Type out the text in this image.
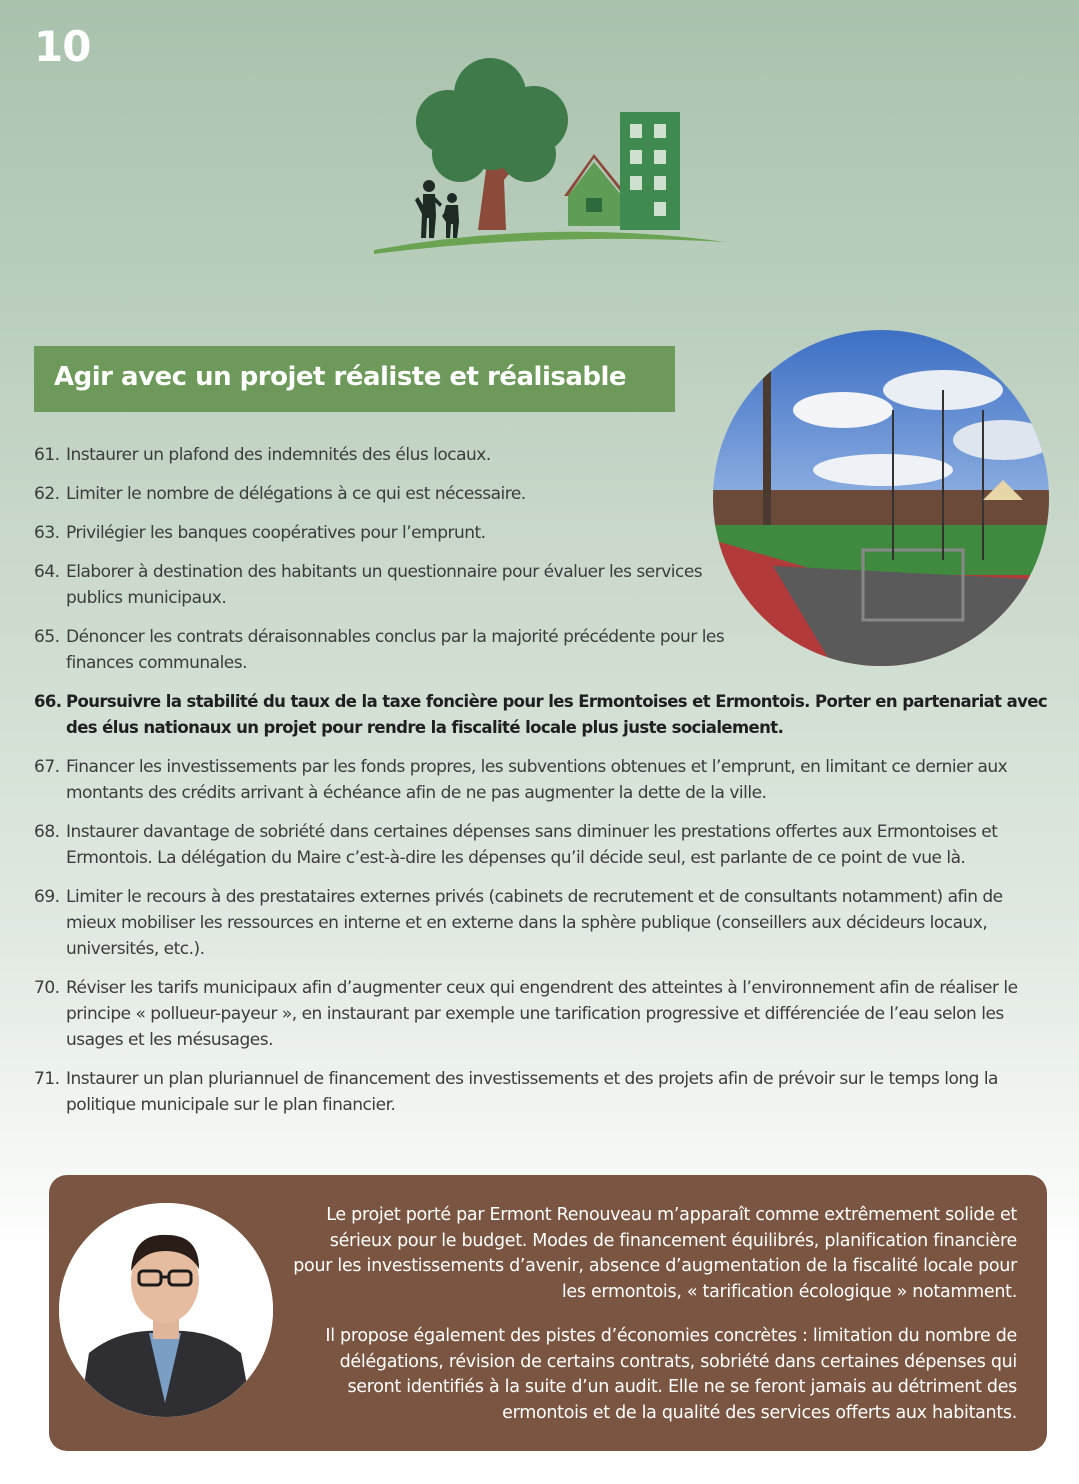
10
Agir avec un projet réaliste et réalisable
61. Instaurer un plafond des indemnités des élus locaux.
62. Limiter le nombre de délégations à ce qui est nécessaire.
63. Privilégier les banques coopératives pour l’emprunt.
64. Elaborer à destination des habitants un questionnaire pour évaluer les services publics municipaux.
65. Dénoncer les contrats déraisonnables conclus par la majorité précédente pour les finances communales.
66. Poursuivre la stabilité du taux de la taxe foncière pour les Ermontoises et Ermontois. Porter en partenariat avec des élus nationaux un projet pour rendre la fiscalité locale plus juste socialement.
67. Financer les investissements par les fonds propres, les subventions obtenues et l’emprunt, en limitant ce dernier aux montants des crédits arrivant à échéance afin de ne pas augmenter la dette de la ville.
68. Instaurer davantage de sobriété dans certaines dépenses sans diminuer les prestations offertes aux Ermontoises et Ermontois. La délégation du Maire c’est-à-dire les dépenses qu’il décide seul, est parlante de ce point de vue là.
69. Limiter le recours à des prestataires externes privés (cabinets de recrutement et de consultants notamment) afin de mieux mobiliser les ressources en interne et en externe dans la sphère publique (conseillers aux décideurs locaux, universités, etc.).
70. Réviser les tarifs municipaux afin d’augmenter ceux qui engendrent des atteintes à l’environnement afin de réaliser le principe « pollueur-payeur », en instaurant par exemple une tarification progressive et différenciée de l’eau selon les usages et les mésusages.
71. Instaurer un plan pluriannuel de financement des investissements et des projets afin de prévoir sur le temps long la politique municipale sur le plan financier.

Le projet porté par Ermont Renouveau m’apparaît comme extrêmement solide et sérieux pour le budget. Modes de financement équilibrés, planification financière pour les investissements d’avenir, absence d’augmentation de la fiscalité locale pour les ermontois, « tarification écologique » notamment.

Il propose également des pistes d’économies concrètes : limitation du nombre de délégations, révision de certains contrats, sobriété dans certaines dépenses qui seront identifiés à la suite d’un audit. Elle ne se feront jamais au détriment des ermontois et de la qualité des services offerts aux habitants.
